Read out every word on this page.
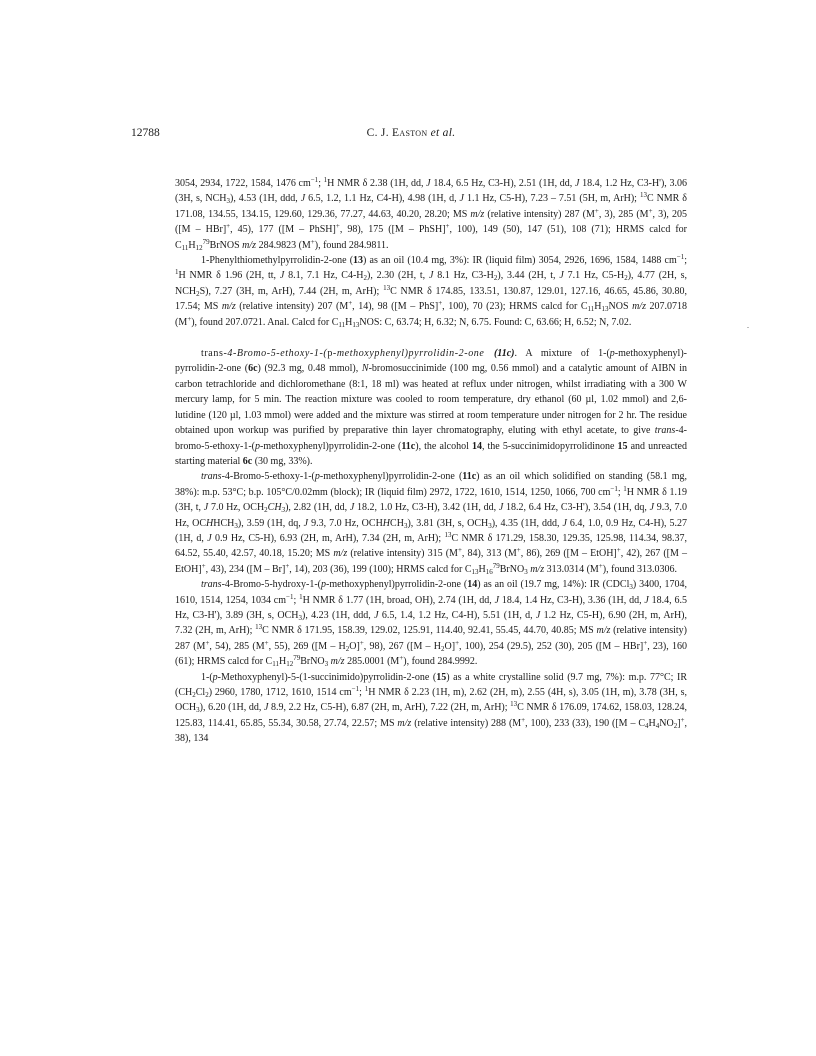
12788	C. J. Easton et al.

3054, 2934, 1722, 1584, 1476 $cm^{-1}$; $^1$H NMR δ 2.38 (1H, dd, J 18.4, 6.5 Hz, C3-H), 2.51 (1H, dd, J 18.4, 1.2 Hz, C3-H'), 3.06 (3H, s, $NCH_3$), 4.53 (1H, ddd, J 6.5, 1.2, 1.1 Hz, C4-H), 4.98 (1H, d, J 1.1 Hz, C5-H), 7.23 – 7.51 (5H, m, ArH); $^{13}$C NMR δ 171.08, 134.55, 134.15, 129.60, 129.36, 77.27, 44.63, 40.20, 28.20; MS m/z (relative intensity) 287 (M+, 3), 285 (M+, 3), 205 ([M – HBr]+, 45), 177 ([M – PhSH]+, 98), 175 ([M – PhSH]+, 100), 149 (50), 147 (51), 108 (71); HRMS calcd for $C_{11}H_{12}^{79}BrNOS$ m/z 284.9823 (M+), found 284.9811.

1-Phenylthiomethylpyrrolidin-2-one (13) as an oil (10.4 mg, 3%): IR (liquid film) 3054, 2926, 1696, 1584, 1488 $cm^{-1}$; $^1$H NMR δ 1.96 (2H, tt, J 8.1, 7.1 Hz, $C4-H_2$), 2.30 (2H, t, J 8.1 Hz, $C3-H_2$), 3.44 (2H, t, J 7.1 Hz, $C5-H_2$), 4.77 (2H, s, $NCH_2S$), 7.27 (3H, m, ArH), 7.44 (2H, m, ArH); $^{13}$C NMR δ 174.85, 133.51, 130.87, 129.01, 127.16, 46.65, 45.86, 30.80, 17.54; MS m/z (relative intensity) 207 (M+, 14), 98 ([M – PhS]+, 100), 70 (23); HRMS calcd for $C_{11}H_{13}NOS$ m/z 207.0718 (M+), found 207.0721. Anal. Calcd for $C_{11}H_{13}NOS$: C, 63.74; H, 6.32; N, 6.75. Found: C, 63.66; H, 6.52; N, 7.02.

trans-4-Bromo-5-ethoxy-1-(p-methoxyphenyl)pyrrolidin-2-one (11c). A mixture of 1-(p-methoxyphenyl)-pyrrolidin-2-one (6c) (92.3 mg, 0.48 mmol), N-bromosuccinimide (100 mg, 0.56 mmol) and a catalytic amount of AIBN in carbon tetrachloride and dichloromethane (8:1, 18 ml) was heated at reflux under nitrogen, whilst irradiating with a 300 W mercury lamp, for 5 min. The reaction mixture was cooled to room temperature, dry ethanol (60 µl, 1.02 mmol) and 2,6-lutidine (120 µl, 1.03 mmol) were added and the mixture was stirred at room temperature under nitrogen for 2 hr. The residue obtained upon workup was purified by preparative thin layer chromatography, eluting with ethyl acetate, to give trans-4-bromo-5-ethoxy-1-(p-methoxyphenyl)pyrrolidin-2-one (11c), the alcohol 14, the 5-succinimidopyrrolidinone 15 and unreacted starting material 6c (30 mg, 33%).

trans-4-Bromo-5-ethoxy-1-(p-methoxyphenyl)pyrrolidin-2-one (11c) as an oil which solidified on standing (58.1 mg, 38%): m.p. 53°C; b.p. 105°C/0.02mm (block); IR (liquid film) 2972, 1722, 1610, 1514, 1250, 1066, 700 $cm^{-1}$; $^1$H NMR δ 1.19 (3H, t, J 7.0 Hz, $OCH_2CH_3$), 2.82 (1H, dd, J 18.2, 1.0 Hz, C3-H), 3.42 (1H, dd, J 18.2, 6.4 Hz, C3-H'), 3.54 (1H, dq, J 9.3, 7.0 Hz, $OCHHCH_3$), 3.59 (1H, dq, J 9.3, 7.0 Hz, $OCHHCH_3$), 3.81 (3H, s, $OCH_3$), 4.35 (1H, ddd, J 6.4, 1.0, 0.9 Hz, C4-H), 5.27 (1H, d, J 0.9 Hz, C5-H), 6.93 (2H, m, ArH), 7.34 (2H, m, ArH); $^{13}$C NMR δ 171.29, 158.30, 129.35, 125.98, 114.34, 98.37, 64.52, 55.40, 42.57, 40.18, 15.20; MS m/z (relative intensity) 315 (M+, 84), 313 (M+, 86), 269 ([M – EtOH]+, 42), 267 ([M – EtOH]+, 43), 234 ([M – Br]+, 14), 203 (36), 199 (100); HRMS calcd for $C_{13}H_{16}^{79}BrNO_3$ m/z 313.0314 (M+), found 313.0306.

trans-4-Bromo-5-hydroxy-1-(p-methoxyphenyl)pyrrolidin-2-one (14) as an oil (19.7 mg, 14%): IR (CDCl$_3$) 3400, 1704, 1610, 1514, 1254, 1034 $cm^{-1}$; $^1$H NMR δ 1.77 (1H, broad, OH), 2.74 (1H, dd, J 18.4, 1.4 Hz, C3-H), 3.36 (1H, dd, J 18.4, 6.5 Hz, C3-H'), 3.89 (3H, s, $OCH_3$), 4.23 (1H, ddd, J 6.5, 1.4, 1.2 Hz, C4-H), 5.51 (1H, d, J 1.2 Hz, C5-H), 6.90 (2H, m, ArH), 7.32 (2H, m, ArH); $^{13}$C NMR δ 171.95, 158.39, 129.02, 125.91, 114.40, 92.41, 55.45, 44.70, 40.85; MS m/z (relative intensity) 287 (M+, 54), 285 (M+, 55), 269 ($[M - H_2O]^+$, 98), 267 ($[M - H_2O]^+$, 100), 254 (29.5), 252 (30), 205 ([M – HBr]+, 23), 160 (61); HRMS calcd for $C_{11}H_{12}^{79}BrNO_3$ m/z 285.0001 (M+), found 284.9992.

1-(p-Methoxyphenyl)-5-(1-succinimido)pyrrolidin-2-one (15) as a white crystalline solid (9.7 mg, 7%): m.p. 77°C; IR $(CH_2Cl_2)$ 2960, 1780, 1712, 1610, 1514 $cm^{-1}$; $^1$H NMR δ 2.23 (1H, m), 2.62 (2H, m), 2.55 (4H, s), 3.05 (1H, m), 3.78 (3H, s, $OCH_3$), 6.20 (1H, dd, J 8.9, 2.2 Hz, C5-H), 6.87 (2H, m, ArH), 7.22 (2H, m, ArH); $^{13}$C NMR δ 176.09, 174.62, 158.03, 128.24, 125.83, 114.41, 65.85, 55.34, 30.58, 27.74, 22.57; MS m/z (relative intensity) 288 (M+, 100), 233 (33), 190 ($[M - C_4H_4NO_2]^+$, 38), 134
